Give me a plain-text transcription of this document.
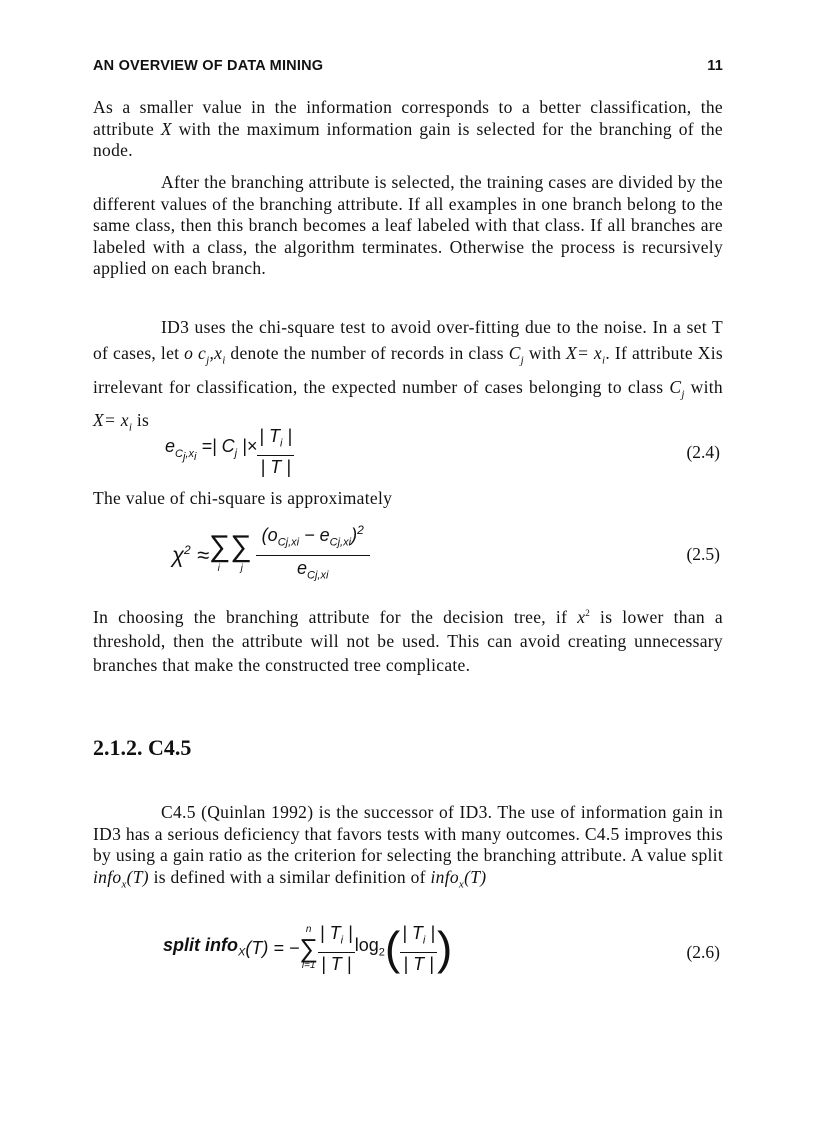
AN OVERVIEW OF DATA MINING	11

As a smaller value in the information corresponds to a better classification, the attribute X with the maximum information gain is selected for the branching of the node.

After the branching attribute is selected, the training cases are divided by the different values of the branching attribute. If all examples in one branch belong to the same class, then this branch becomes a leaf labeled with that class. If all branches are labeled with a class, the algorithm terminates. Otherwise the process is recursively applied on each branch.

ID3 uses the chi-square test to avoid over-fitting due to the noise. In a set T of cases, let o $c_j,x_i$ denote the number of records in class $C_j$ with $X= x_i$. If attribute Xis irrelevant for classification, the expected number of cases belonging to class $C_j$ with $X= x_i$ is

$e_{C_j,x_i}$ =| $C_j$ |× $\frac{| T_i |}{| T |}$	(2.4)

The value of chi-square is approximately

$\chi^2$ ≈ ∑∑
i j $\frac{(o_{Cj,xi} - e_{Cj,xi})^2}{e_{Cj,xi}}$	(2.5)

In choosing the branching attribute for the decision tree, if $x^2$ is lower than a threshold, then the attribute will not be used. This can avoid creating unnecessary branches that make the constructed tree complicate.

2.1.2. C4.5

C4.5 (Quinlan 1992) is the successor of ID3. The use of information gain in ID3 has a serious deficiency that favors tests with many outcomes. C4.5 improves this by using a gain ratio as the criterion for selecting the branching attribute. A value split info$_x$(T) is defined with a similar definition of info$_x$(T)

split info$_X$(T) = −
n
∑
$i=1 \frac{| T_i |}{| T |} \log_2( \frac{| T_i |}{| T |}$ )	(2.6)
